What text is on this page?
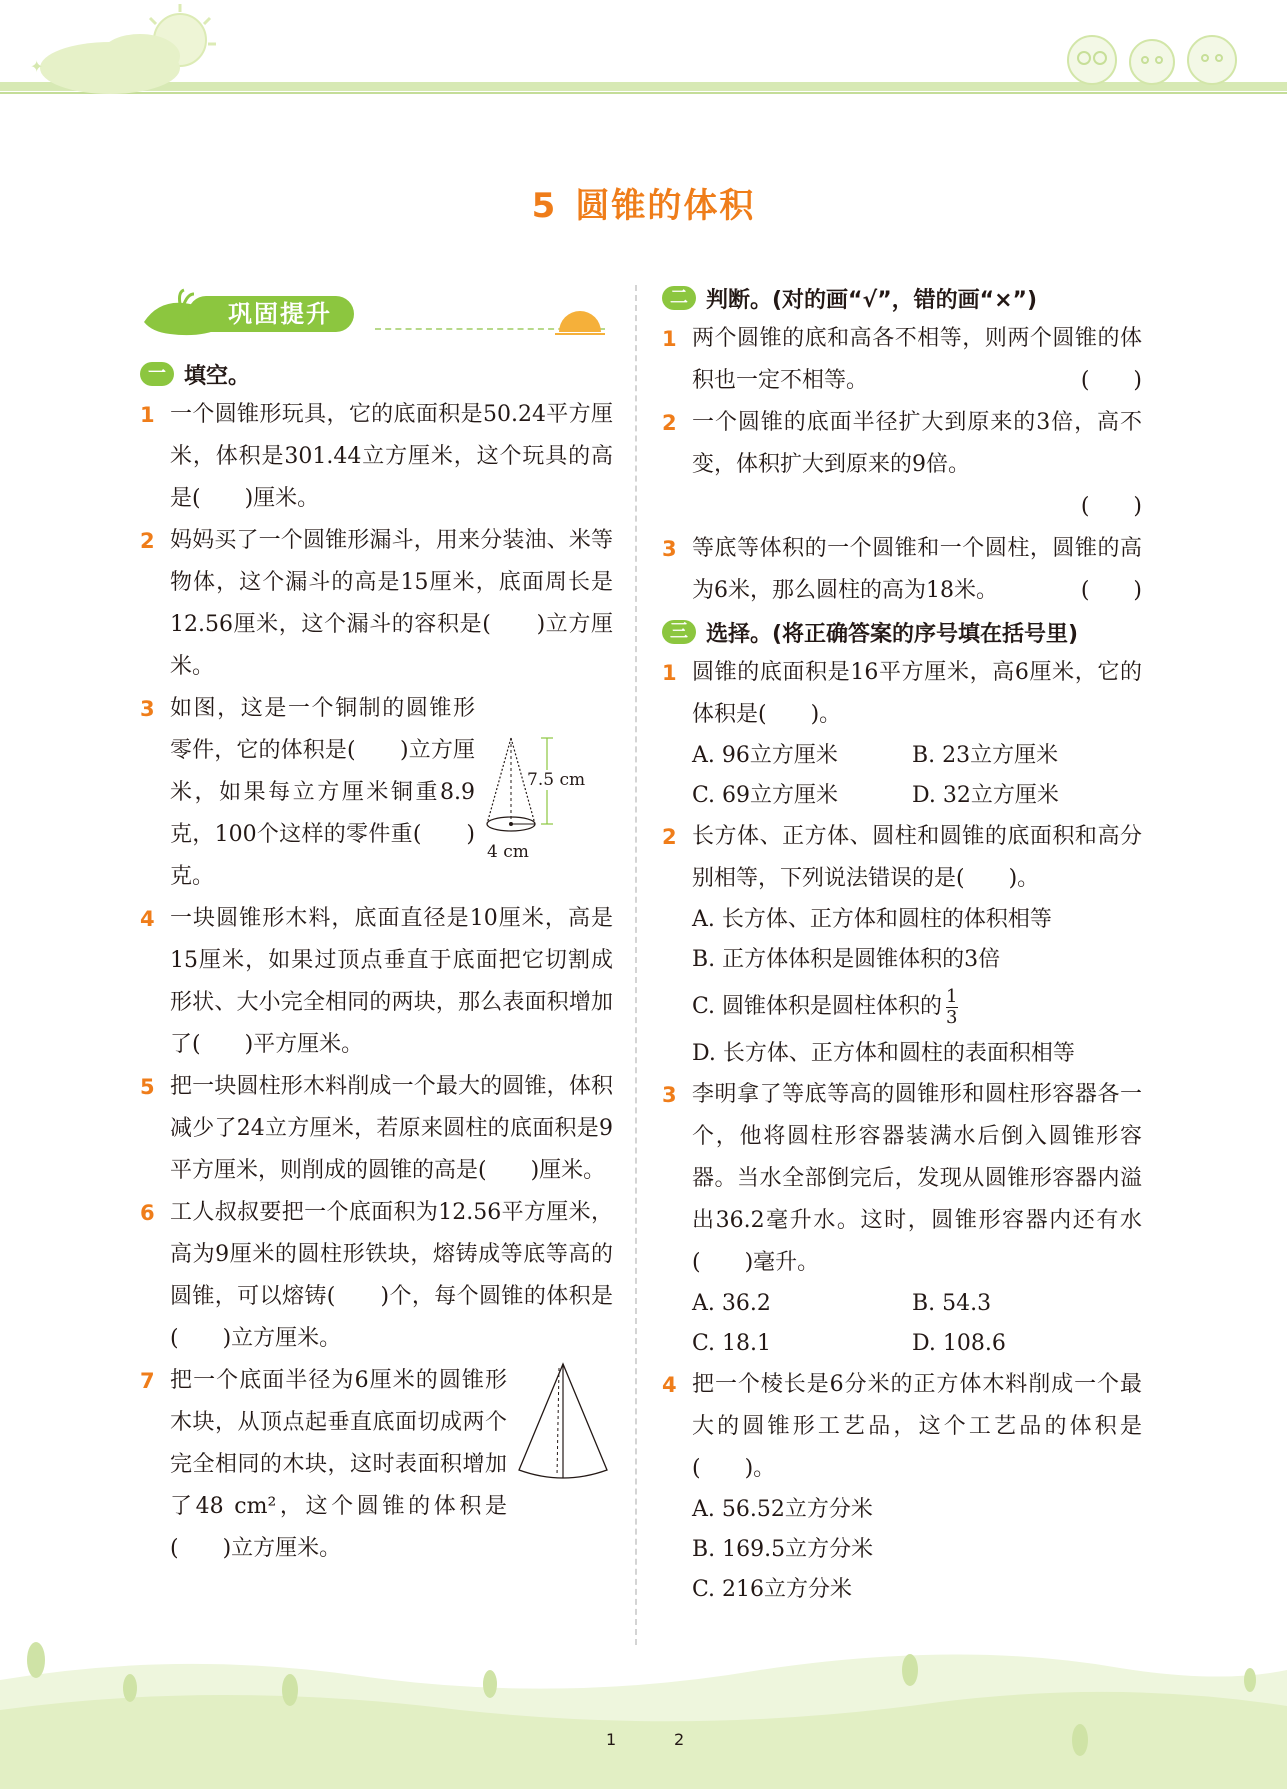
✦
5 圆锥的体积
巩固提升
一 填空。
1 一个圆锥形玩具，它的底面积是50.24平方厘米，体积是301.44立方厘米，这个玩具的高是(　　)厘米。
2 妈妈买了一个圆锥形漏斗，用来分装油、米等物体，这个漏斗的高是15厘米，底面周长是12.56厘米，这个漏斗的容积是(　　)立方厘米。
3
7.5 cm
4 cm
如图，这是一个铜制的圆锥形零件，它的体积是(　　)立方厘米，如果每立方厘米铜重8.9克，100个这样的零件重(　　)克。
4 一块圆锥形木料，底面直径是10厘米，高是15厘米，如果过顶点垂直于底面把它切割成形状、大小完全相同的两块，那么表面积增加了(　　)平方厘米。
5 把一块圆柱形木料削成一个最大的圆锥，体积减少了24立方厘米，若原来圆柱的底面积是9平方厘米，则削成的圆锥的高是(　　)厘米。
6 工人叔叔要把一个底面积为12.56平方厘米，高为9厘米的圆柱形铁块，熔铸成等底等高的圆锥，可以熔铸(　　)个，每个圆锥的体积是(　　)立方厘米。
7 把一个底面半径为6厘米的圆锥形木块，从顶点起垂直底面切成两个完全相同的木块，这时表面积增加了48 cm²，这个圆锥的体积是(　　)立方厘米。
二 判断。(对的画“√”，错的画“×”)
1 两个圆锥的底和高各不相等，则两个圆锥的体积也一定不相等。	(　　)
2 一个圆锥的底面半径扩大到原来的3倍，高不变，体积扩大到原来的9倍。
(　　)
3 等底等体积的一个圆锥和一个圆柱，圆锥的高为6米，那么圆柱的高为18米。	(　　)
三 选择。(将正确答案的序号填在括号里)
1 圆锥的底面积是16平方厘米，高6厘米，它的体积是(　　)。
A. 96立方厘米	B. 23立方厘米
C. 69立方厘米	D. 32立方厘米
2 长方体、正方体、圆柱和圆锥的底面积和高分别相等，下列说法错误的是(　　)。
A. 长方体、正方体和圆柱的体积相等
B. 正方体体积是圆锥体积的3倍
C. 圆锥体积是圆柱体积的 $\frac{1}{3}$
D. 长方体、正方体和圆柱的表面积相等
3 李明拿了等底等高的圆锥形和圆柱形容器各一个，他将圆柱形容器装满水后倒入圆锥形容器。当水全部倒完后，发现从圆锥形容器内溢出36.2毫升水。这时，圆锥形容器内还有水(　　)毫升。
A. 36.2	B. 54.3
C. 18.1	D. 108.6
4 把一个棱长是6分米的正方体木料削成一个最大的圆锥形工艺品，这个工艺品的体积是(　　)。
A. 56.52立方分米
B. 169.5立方分米
C. 216立方分米
1	2
